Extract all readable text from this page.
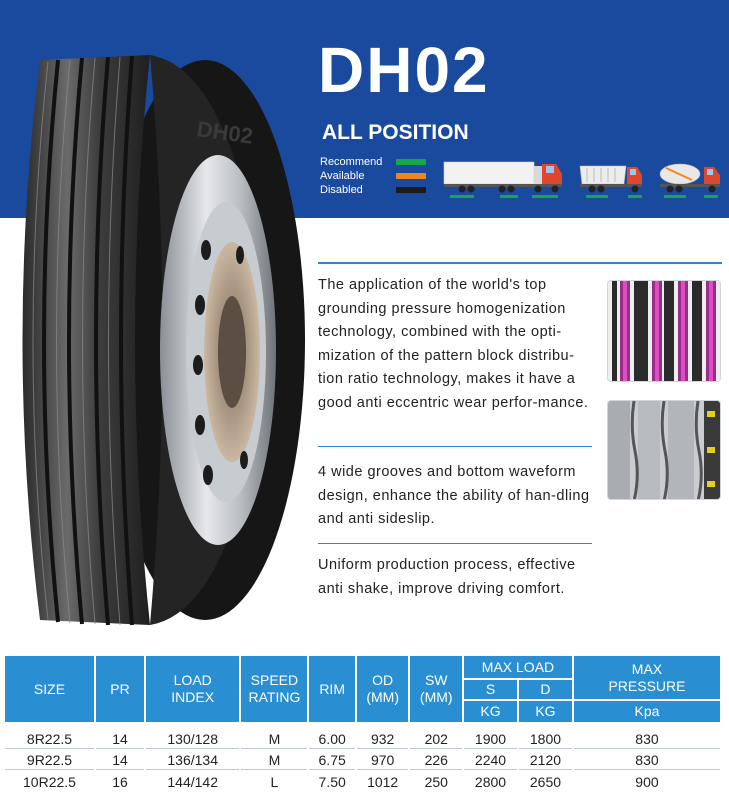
DH02
ALL POSITION
Recommend
Available
Disabled
DH02
The application of the world's top grounding pressure homogenization technology, combined with the opti-mization of the pattern block distribu-tion ratio technology, makes it have a good anti eccentric wear perfor-mance.
4 wide grooves and bottom waveform design, enhance the ability of han-dling and anti sideslip.
Uniform production process, effective anti shake, improve driving comfort.
SIZE	PR	LOAD INDEX	SPEED RATING	RIM	OD (MM)	SW (MM)	MAX LOAD		MAX PRESSURE
							S	D	
							KG	KG	Kpa
8R22.5	14	130/128	M	6.00	932	202	1900	1800	830
9R22.5	14	136/134	M	6.75	970	226	2240	2120	830
10R22.5	16	144/142	L	7.50	1012	250	2800	2650	900
